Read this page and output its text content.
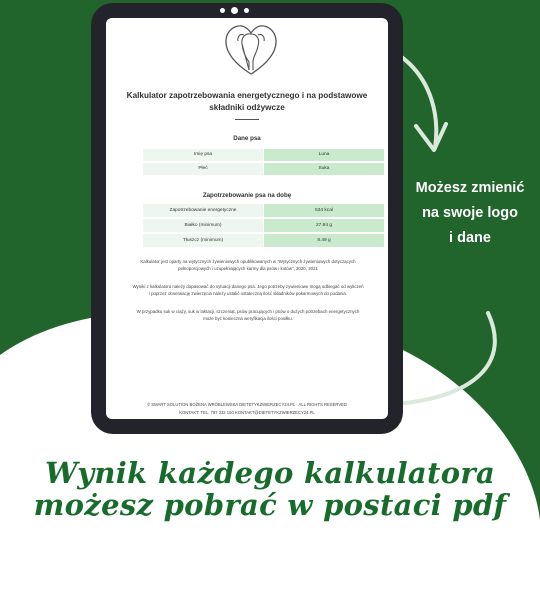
Kalkulator zapotrzebowania energetycznego i na podstawowe
składniki odżywcze
Dane psa
Imię psa	Luna
Płeć	Suka
Zapotrzebowanie psa na dobę
Zapotrzebowanie energetyczne	534 kcal
Białko (minimum)	27.84 g
Tłuszcz (minimum)	8.49 g
Kalkulator jest oparty na wytycznych żywieniowych opublikowanych w "Wytycznych żywieniowych dotyczących pełnoporcjowych i uzupełniających karmy dla psów i kotów", 2020, 2021
Wyniki z kalkulatora należy dopasować do sytuacji danego psa. Jego potrzeby żywieniowe mogą odbiegać od wyliczeń i poprzez obserwację zwierzęcia należy ustalić ostateczną ilość składników pokarmowych do podania.
W przypadku suk w ciąży, suk w laktacji, szczeniąt, psów pracujących i psów o dużych potrzebach energetycznych może być konieczna weryfikacja ilości posiłku.
© SMART SOLUTION BOŻENA WRÓBLEWSKA DIETETYKZWIERZECY24.PL · ALL RIGHTS RESERVED
KONTAKT: TEL. 797 332 150 KONTAKT@DIETETYKZWIERZECY24.PL
Możesz zmienić
na swoje logo
i dane
Wynik każdego kalkulatora
możesz pobrać w postaci pdf
